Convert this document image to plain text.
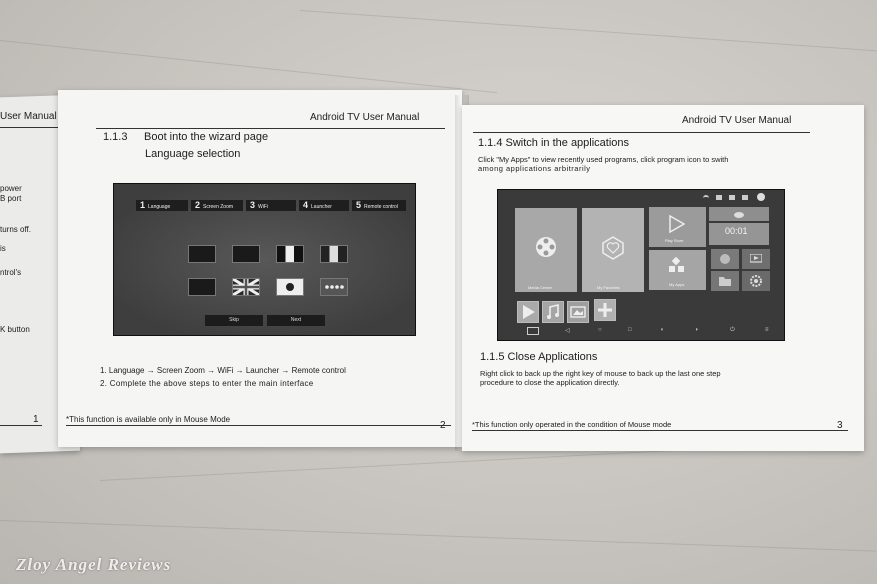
User Manual
power
B port
turns off.
is
ntrol's
K button
1
Android TV User Manual
1.1.3 Boot into the wizard page
Language selection
1 Language	2 Screen Zoom	3 WiFi	4 Launcher	5 Remote control
Skip	Next
1. Language → Screen Zoom → WiFi → Launcher → Remote control
2. Complete the above steps to enter the main interface
*This function is available only in Mouse Mode
2
Android TV User Manual
1.1.4 Switch in the applications
Click "My Apps" to view recently used programs, click program icon to swith
among applications arbitrarily
Media Center	My Favorites
Play Store
My Apps
00:01
◁	○	□	◖	◗	⏻	≡
1.1.5 Close Applications
Right click to back up the right key of mouse to back up the last one step
procedure to close the application directly.
*This function only operated in the condition of Mouse mode	3
Zloy Angel Reviews
